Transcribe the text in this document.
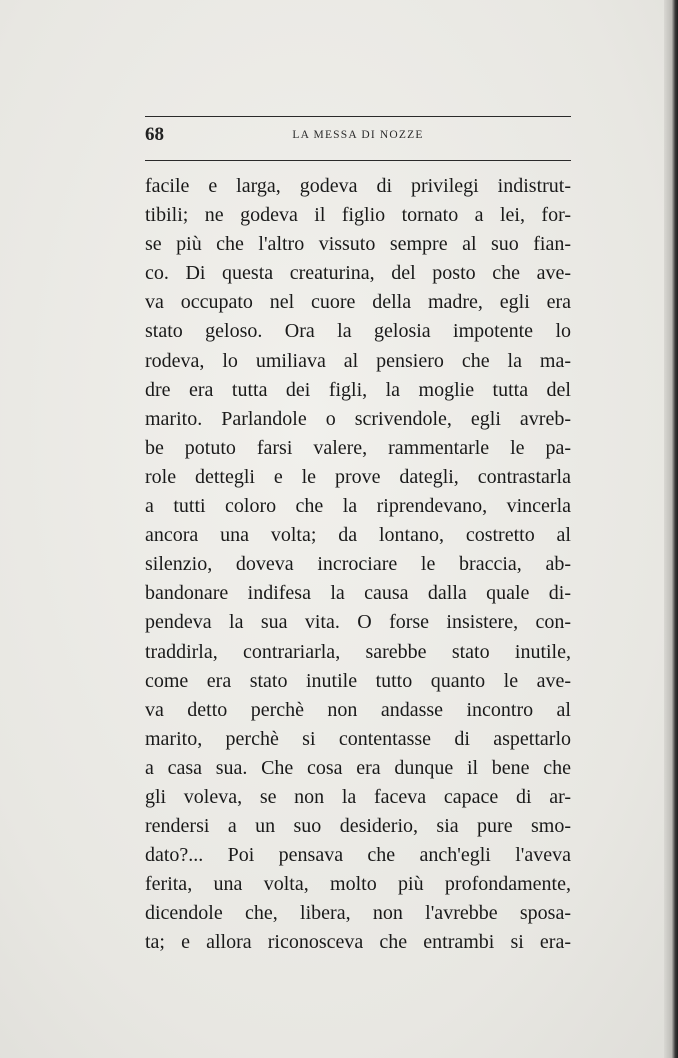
68	LA MESSA DI NOZZE
facile e larga, godeva di privilegi indistrut-
tibili; ne godeva il figlio tornato a lei, for-
se più che l'altro vissuto sempre al suo fian-
co. Di questa creaturina, del posto che ave-
va occupato nel cuore della madre, egli era
stato geloso. Ora la gelosia impotente lo
rodeva, lo umiliava al pensiero che la ma-
dre era tutta dei figli, la moglie tutta del
marito. Parlandole o scrivendole, egli avreb-
be potuto farsi valere, rammentarle le pa-
role dettegli e le prove dategli, contrastarla
a tutti coloro che la riprendevano, vincerla
ancora una volta; da lontano, costretto al
silenzio, doveva incrociare le braccia, ab-
bandonare indifesa la causa dalla quale di-
pendeva la sua vita. O forse insistere, con-
traddirla, contrariarla, sarebbe stato inutile,
come era stato inutile tutto quanto le ave-
va detto perchè non andasse incontro al
marito, perchè si contentasse di aspettarlo
a casa sua. Che cosa era dunque il bene che
gli voleva, se non la faceva capace di ar-
rendersi a un suo desiderio, sia pure smo-
dato?... Poi pensava che anch'egli l'aveva
ferita, una volta, molto più profondamente,
dicendole che, libera, non l'avrebbe sposa-
ta; e allora riconosceva che entrambi si era-
